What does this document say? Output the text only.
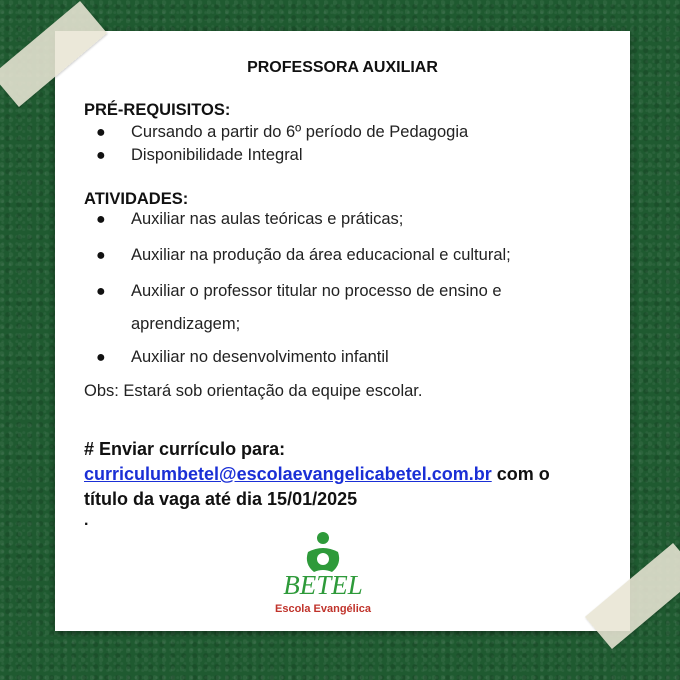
PROFESSORA AUXILIAR
PRÉ-REQUISITOS:
● Cursando a partir do 6º período de Pedagogia
● Disponibilidade Integral
ATIVIDADES:
● Auxiliar nas aulas teóricas e práticas;
● Auxiliar na produção da área educacional e cultural;
● Auxiliar o professor titular no processo de ensino e
aprendizagem;
● Auxiliar no desenvolvimento infantil
Obs: Estará sob orientação da equipe escolar.
# Enviar currículo para:
curriculumbetel@escolaevangelicabetel.com.br com o
título da vaga até dia 15/01/2025
.
BETEL
Escola Evangélica
